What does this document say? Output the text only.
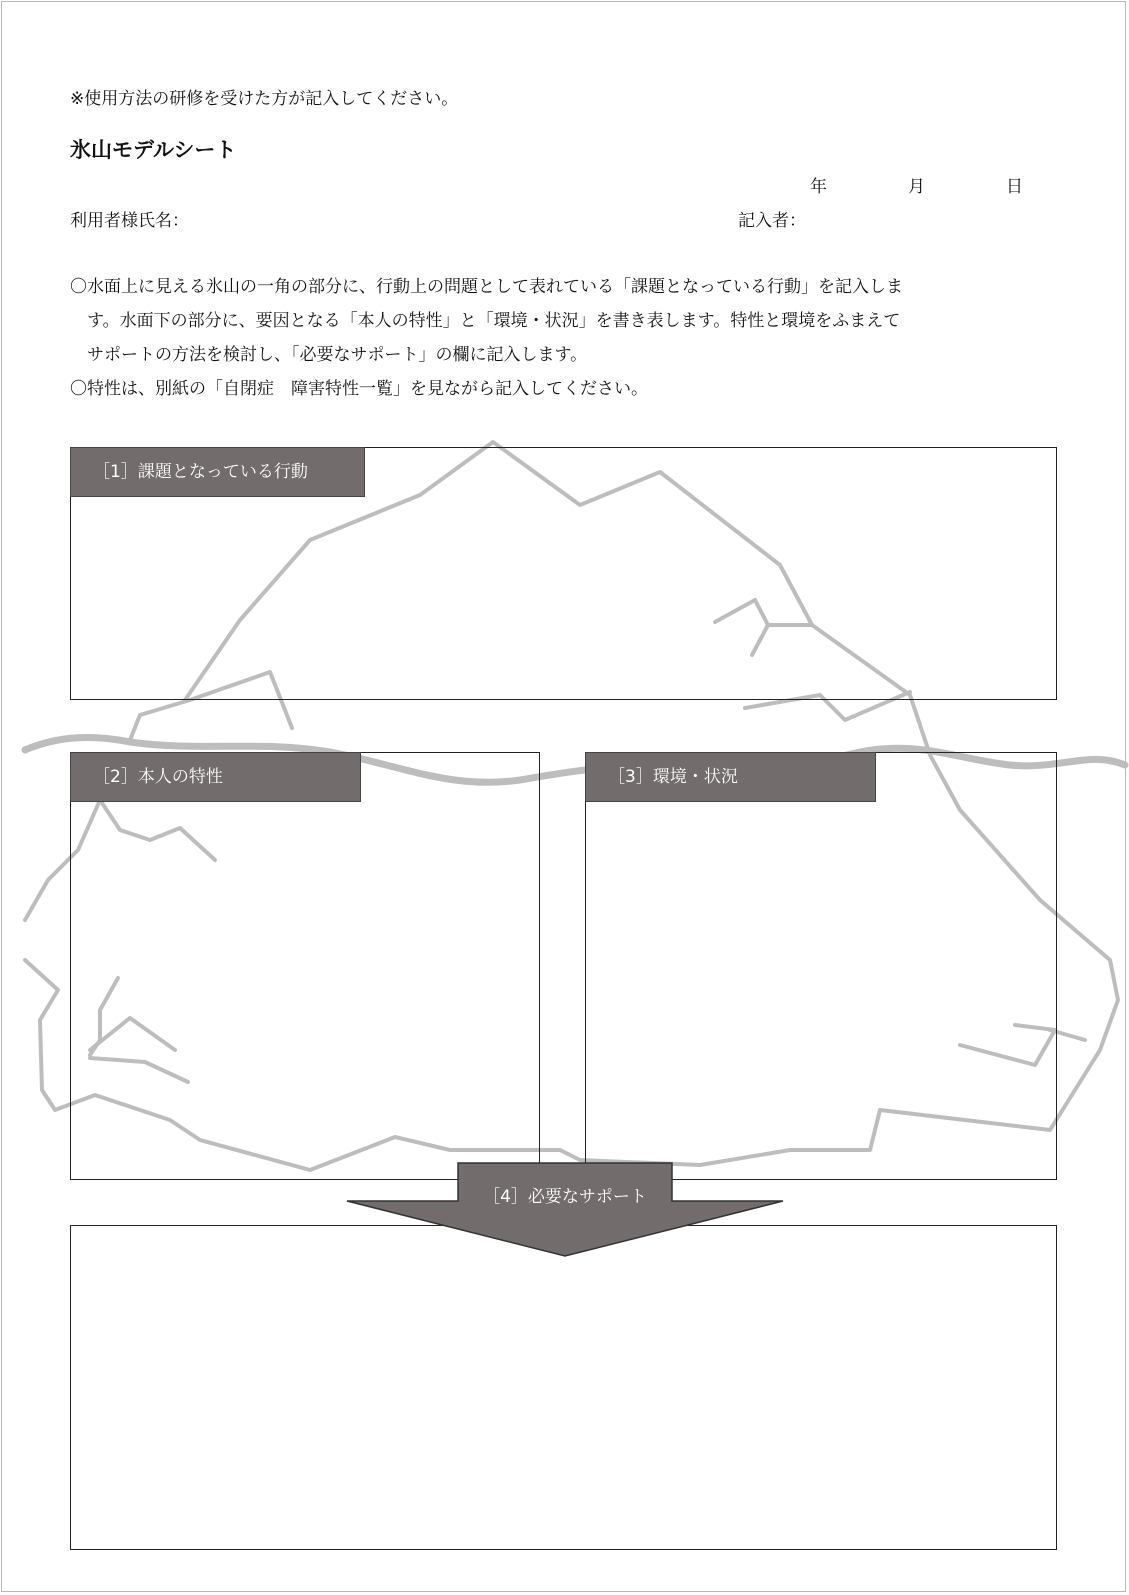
※使用方法の研修を受けた方が記入してください。
氷山モデルシート
年	月	日
利用者様氏名：	記入者：
〇水面上に見える氷山の一角の部分に、行動上の問題として表れている「課題となっている行動」を記入しま
　す。水面下の部分に、要因となる「本人の特性」と「環境・状況」を書き表します。特性と環境をふまえて
　サポートの方法を検討し、「必要なサポート」の欄に記入します。
〇特性は、別紙の「自閉症　障害特性一覧」を見ながら記入してください。
［1］課題となっている行動
［2］本人の特性	［3］環境・状況
［4］必要なサポート
